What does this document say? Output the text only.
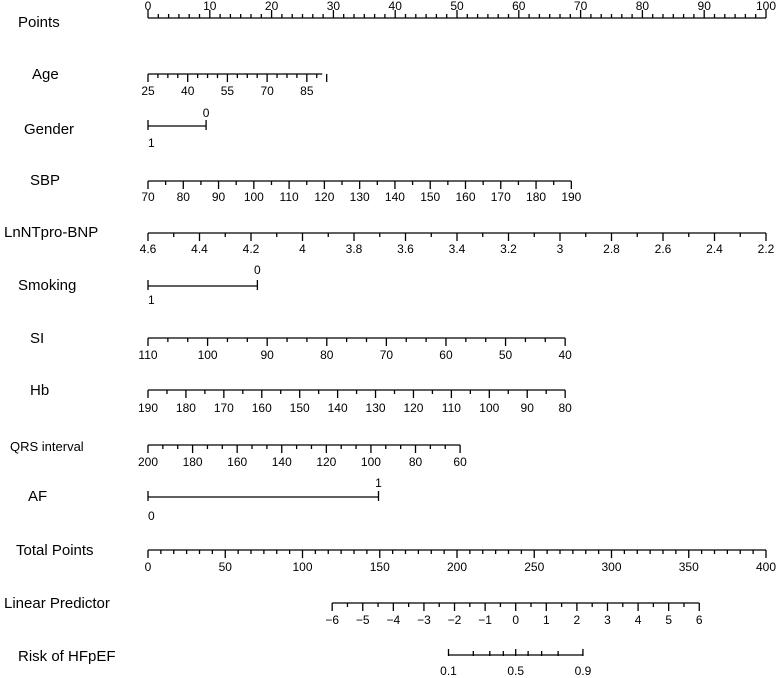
Points
0	10	20	30	40	50	60	70	80	90	100
Age
25 40 55 70 85
Gender
1
0
SBP
70 80 90 100 110 120 130 140 150 160 170 180 190
LnNTpro-BNP
4.6	4.4	4.2	4	3.8	3.6	3.4	3.2	3	2.8	2.6	2.4	2.2
Smoking
1
0
SI
110	100	90	80	70	60	50	40
Hb
190 180 170 160 150 140 130 120 110 100 90 80
QRS interval
200 180 160 140 120 100 80	60
AF
0
1
Total Points
0	50	100	150	200	250	300	350	400
Linear Predictor
−6 −5 −4 −3 −2 −1 0 1 2 3 4 5 6
Risk of HFpEF
0.1	0.5	0.9
